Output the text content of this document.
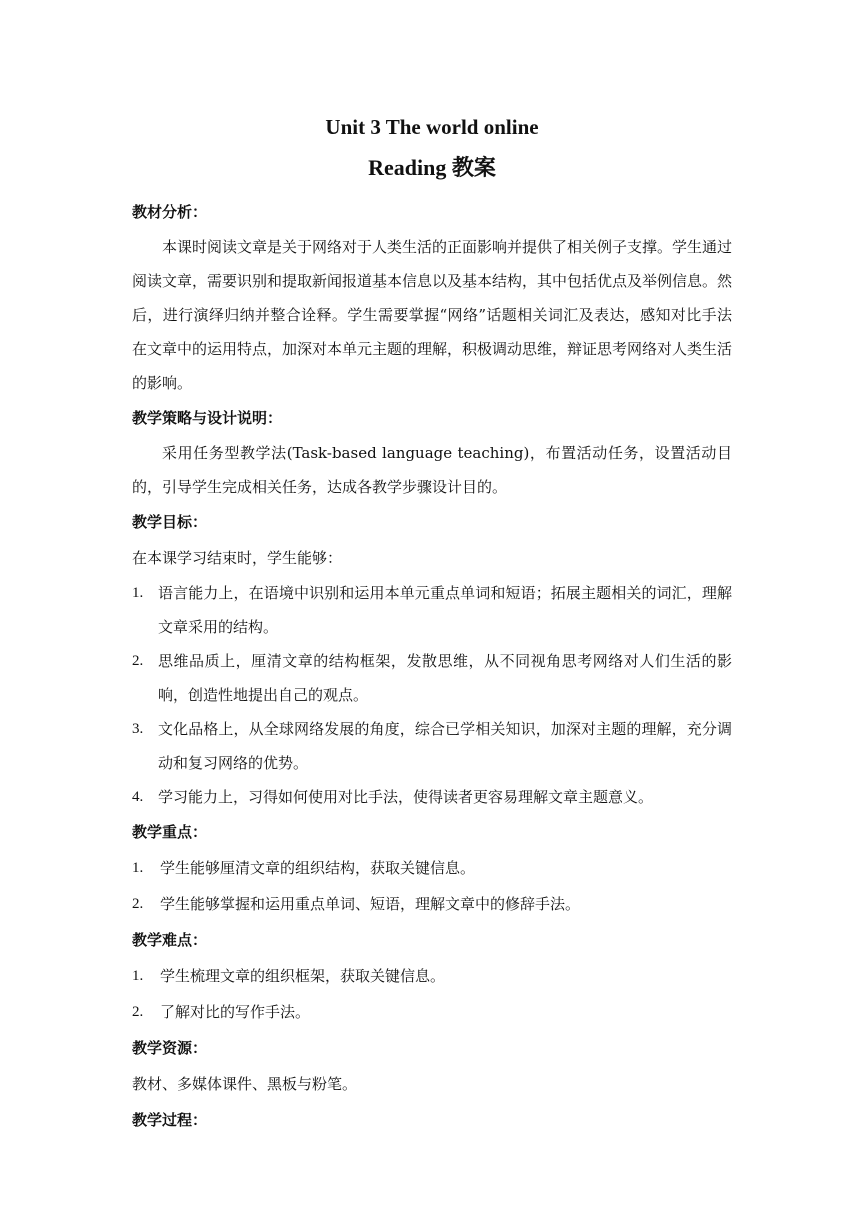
Unit 3 The world online
Reading 教案

教材分析：

本课时阅读文章是关于网络对于人类生活的正面影响并提供了相关例子支撑。学生通过阅读文章，需要识别和提取新闻报道基本信息以及基本结构，其中包括优点及举例信息。然后，进行演绎归纳并整合诠释。学生需要掌握“网络”话题相关词汇及表达，感知对比手法在文章中的运用特点，加深对本单元主题的理解，积极调动思维，辩证思考网络对人类生活的影响。

教学策略与设计说明：

采用任务型教学法(Task-based language teaching)，布置活动任务，设置活动目的，引导学生完成相关任务，达成各教学步骤设计目的。

教学目标：

在本课学习结束时，学生能够：

1. 语言能力上，在语境中识别和运用本单元重点单词和短语；拓展主题相关的词汇，理解文章采用的结构。
2. 思维品质上，厘清文章的结构框架，发散思维，从不同视角思考网络对人们生活的影响，创造性地提出自己的观点。
3. 文化品格上，从全球网络发展的角度，综合已学相关知识，加深对主题的理解，充分调动和复习网络的优势。
4. 学习能力上，习得如何使用对比手法，使得读者更容易理解文章主题意义。

教学重点：

1. 学生能够厘清文章的组织结构，获取关键信息。
2. 学生能够掌握和运用重点单词、短语，理解文章中的修辞手法。

教学难点：

1. 学生梳理文章的组织框架，获取关键信息。
2. 了解对比的写作手法。

教学资源：

教材、多媒体课件、黑板与粉笔。

教学过程：
